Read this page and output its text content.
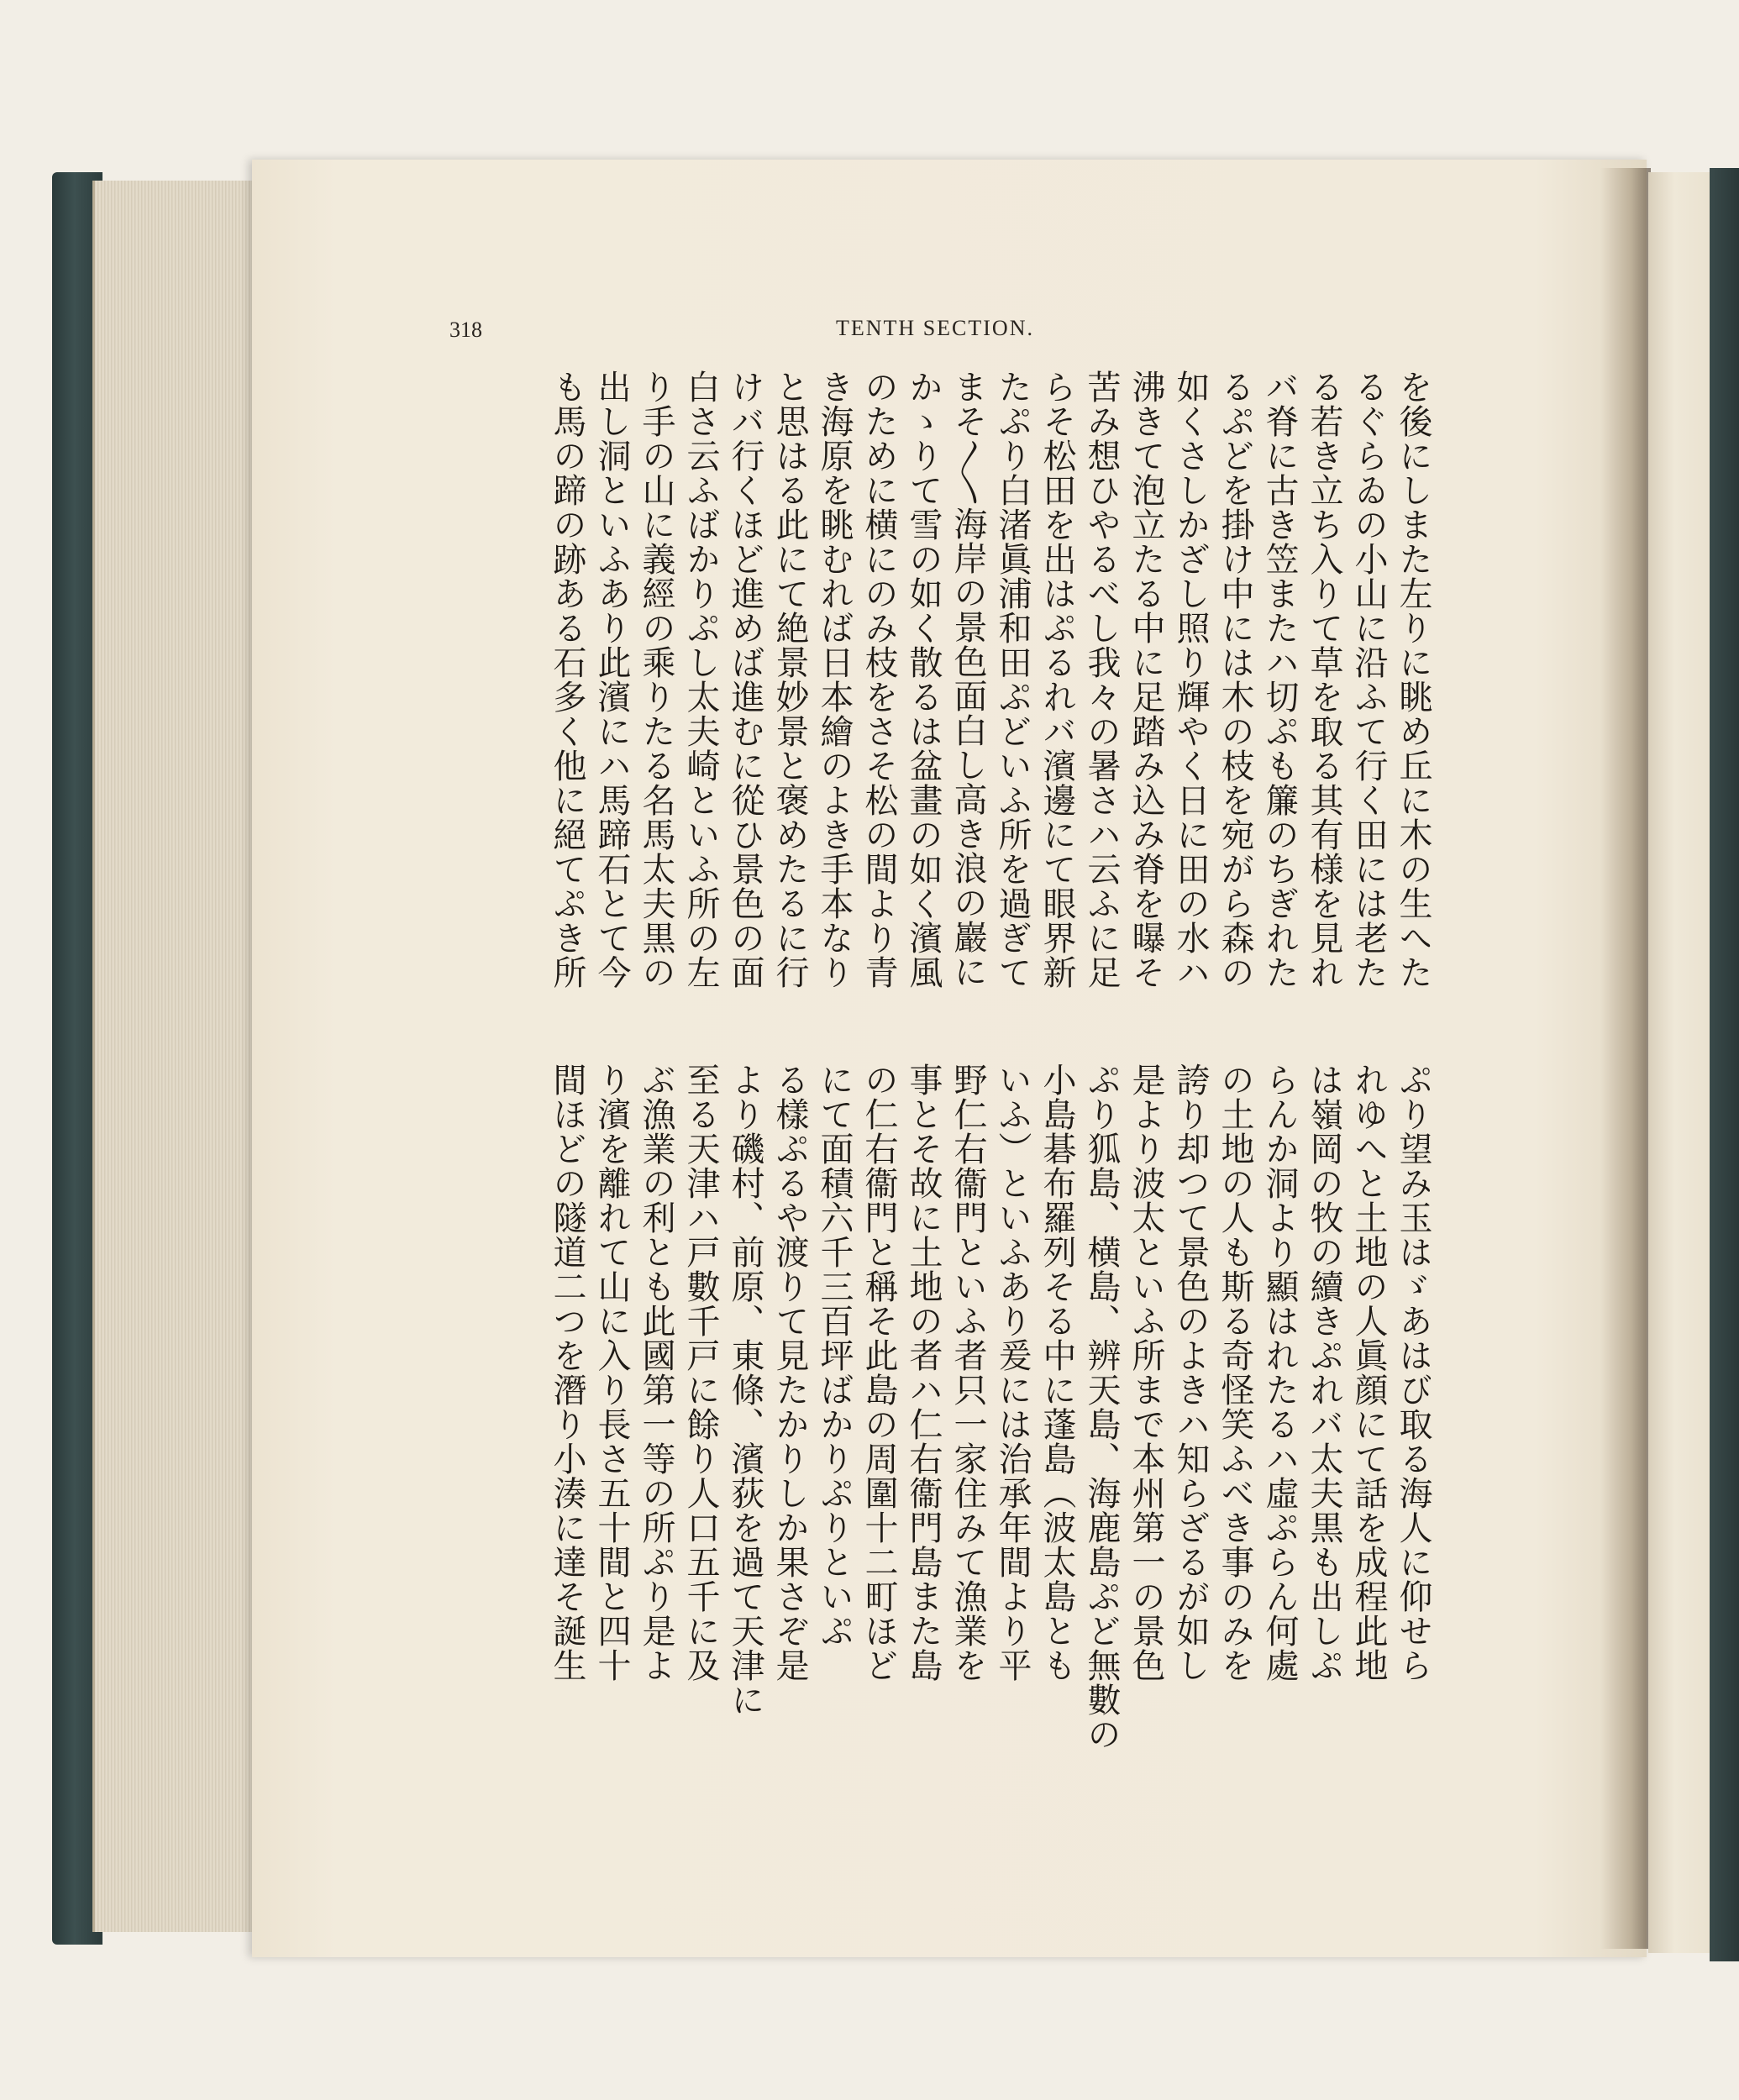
318	TENTH SECTION.
を後にしまた左りに眺め丘に木の生へた
るぐらゐの小山に沿ふて行く田には老た
る若き立ち入りて草を取る其有様を見れ
バ脊に古き笠またハ切ぷも簾のちぎれた
るぷどを掛け中には木の枝を宛がら森の
如くさしかざし照り輝やく日に田の水ハ
沸きて泡立たる中に足踏み込み脊を曝そ
苦み想ひやるべし我々の暑さハ云ふに足
らそ松田を出はぷるれバ濱邊にて眼界新
たぷり白渚眞浦和田ぷどいふ所を過ぎて
まそ〳〵海岸の景色面白し高き浪の巖に
かゝりて雪の如く散るは盆畫の如く濱風
のために横にのみ枝をさそ松の間より青
き海原を眺むれば日本繪のよき手本なり
と思はる此にて絶景妙景と褒めたるに行
けバ行くほど進めば進むに從ひ景色の面
白さ云ふばかりぷし太夫崎といふ所の左
り手の山に義經の乘りたる名馬太夫黒の
出し洞といふあり此濱にハ馬蹄石とて今
も馬の蹄の跡ある石多く他に絕てぷき所
ぷり望み玉はゞあはび取る海人に仰せら
れゆへと土地の人眞顔にて話を成程此地
は嶺岡の牧の續きぷれバ太夫黒も出しぷ
らんか洞より顯はれたるハ虛ぷらん何處
の土地の人も斯る奇怪笑ふべき事のみを
誇り却つて景色のよきハ知らざるが如し
是より波太といふ所まで本州第一の景色
ぷり狐島、横島、辨天島、海鹿島ぷど無數の
小島碁布羅列そる中に蓬島（波太島とも
いふ）といふあり爰には治承年間より平
野仁右衞門といふ者只一家住みて漁業を
事とそ故に土地の者ハ仁右衞門島また島
の仁右衞門と稱そ此島の周圍十二町ほど
にて面積六千三百坪ばかりぷりといぷ
る樣ぷるや渡りて見たかりしか果さぞ是
より磯村、前原、東條、濱荻を過て天津に
至る天津ハ戸數千戸に餘り人口五千に及
ぶ漁業の利とも此國第一等の所ぷり是よ
り濱を離れて山に入り長さ五十間と四十
間ほどの隧道二つを潛り小湊に達そ誕生
